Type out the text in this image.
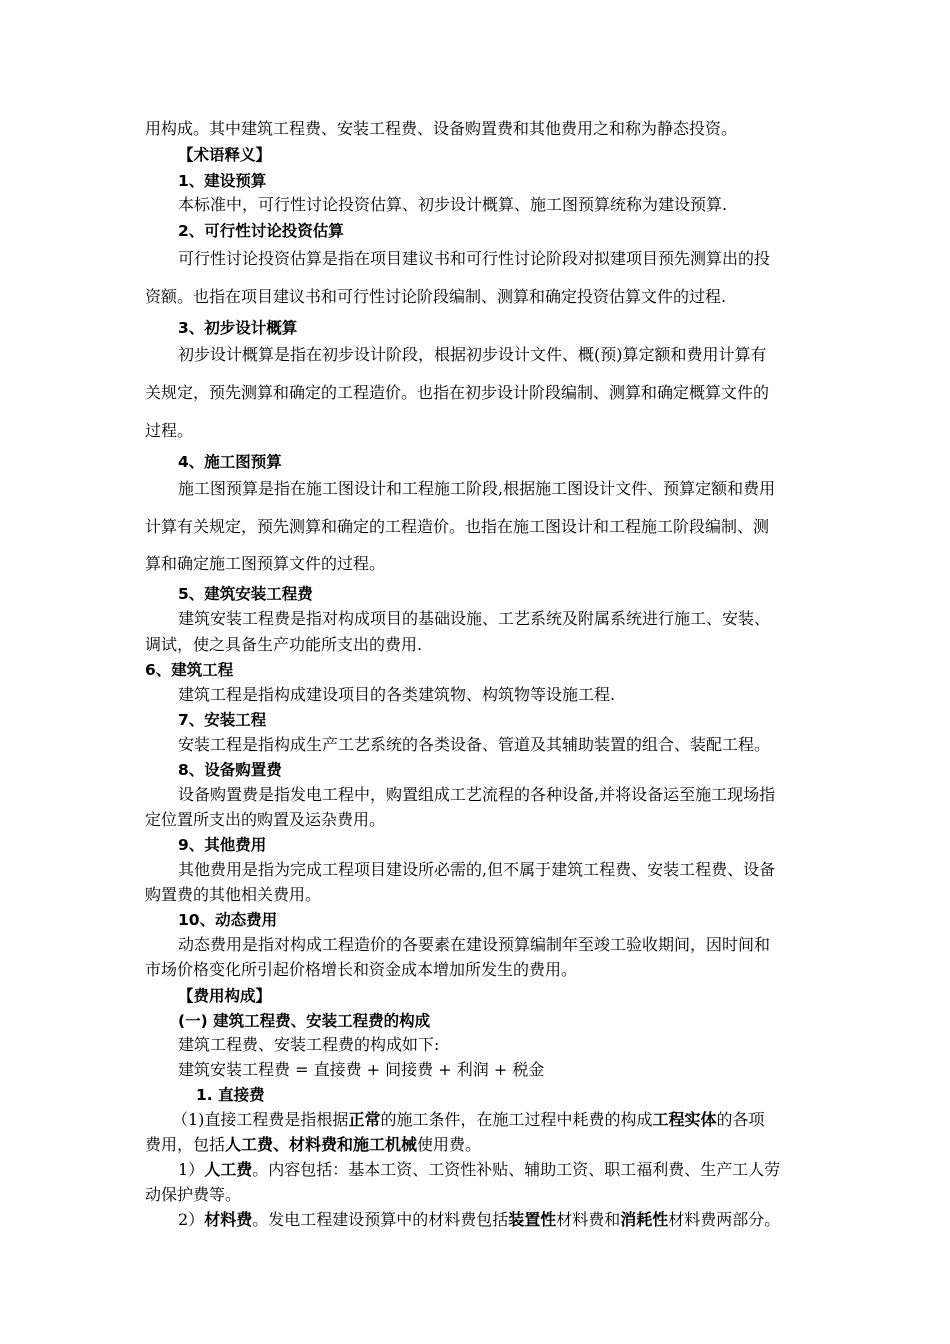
用构成。其中建筑工程费、安装工程费、设备购置费和其他费用之和称为静态投资。
【术语释义】
1、建设预算
本标准中，可行性讨论投资估算、初步设计概算、施工图预算统称为建设预算.
2、可行性讨论投资估算
可行性讨论投资估算是指在项目建议书和可行性讨论阶段对拟建项目预先测算出的投
资额。也指在项目建议书和可行性讨论阶段编制、测算和确定投资估算文件的过程.
3、初步设计概算
初步设计概算是指在初步设计阶段，根据初步设计文件、概(预)算定额和费用计算有
关规定，预先测算和确定的工程造价。也指在初步设计阶段编制、测算和确定概算文件的
过程。
4、施工图预算
施工图预算是指在施工图设计和工程施工阶段,根据施工图设计文件、预算定额和费用
计算有关规定，预先测算和确定的工程造价。也指在施工图设计和工程施工阶段编制、测
算和确定施工图预算文件的过程。
5、建筑安装工程费
建筑安装工程费是指对构成项目的基础设施、工艺系统及附属系统进行施工、安装、
调试，使之具备生产功能所支出的费用.
6、建筑工程
建筑工程是指构成建设项目的各类建筑物、构筑物等设施工程.
7、安装工程
安装工程是指构成生产工艺系统的各类设备、管道及其辅助装置的组合、装配工程。
8、设备购置费
设备购置费是指发电工程中，购置组成工艺流程的各种设备,并将设备运至施工现场指
定位置所支出的购置及运杂费用。
9、其他费用
其他费用是指为完成工程项目建设所必需的,但不属于建筑工程费、安装工程费、设备
购置费的其他相关费用。
10、动态费用
动态费用是指对构成工程造价的各要素在建设预算编制年至竣工验收期间，因时间和
市场价格变化所引起价格增长和资金成本增加所发生的费用。
【费用构成】
(一) 建筑工程费、安装工程费的构成
建筑工程费、安装工程费的构成如下:
建筑安装工程费 = 直接费 + 间接费 + 利润 + 税金
1. 直接费
（1)直接工程费是指根据正常的施工条件，在施工过程中耗费的构成工程实体的各项
费用，包括人工费、材料费和施工机械使用费。
1）人工费。内容包括：基本工资、工资性补贴、辅助工资、职工福利费、生产工人劳
动保护费等。
2）材料费。发电工程建设预算中的材料费包括装置性材料费和消耗性材料费两部分。
